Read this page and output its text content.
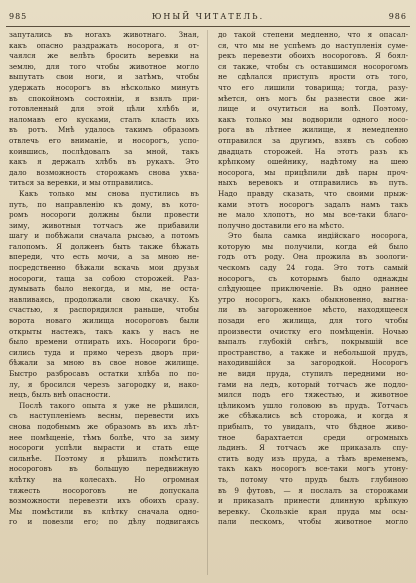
985	ЮНЫЙ ЧИТАТЕЛЬ.	986
запутались въ ногахъ животнаго. Зная,
какъ опасно раздражать носорога, я от-
чаялся же велѣть бросить веревки на
землю, для того чтобы животное могло
выпутать свои ноги, и затѣмъ, чтобы
удержать носорогъ въ нѣсколько минутъ
въ спокойномъ состояніи, я взялъ при-
готовленный для этой цѣли хлѣбъ и,
наломавъ его кусками, сталъ класть ихъ
въ ротъ. Мнѣ удалось такимъ образомъ
отвлечь его вниманіе, и носорогъ, успо-
коившись, послѣдовалъ за мной, такъ
какъ я держалъ хлѣбъ въ рукахъ. Это
дало возможность сторожамъ снова ухва-
титься за веревки, и мы отправились.
Какъ только мы снова пустились въ
путь, по направленію къ дому, въ кото-
ромъ носороги должны были провести
зиму, животныя тотчасъ же прибавили
шагу и побѣжали сначала рысью, а потомъ
галопомъ. Я долженъ быть также бѣжать
впереди, что есть мочи, а за мною не-
посредственно бѣжали вскачь мои друзья
носороги, таща за собою сторожей. Раз-
думывать было некогда, и мы, не оста-
навливаясь, продолжали свою скачку. Къ
счастью, я распорядился раньше, чтобы
ворота новаго жилища носороговъ были
открыты настежъ, такъ какъ у насъ не
было времени отпирать ихъ. Носороги бро-
сились туда и прямо черезъ дворъ при-
бѣжали за мною въ свое новое жилище.
Быстро разбросавъ остатки хлѣба по по-
лу, я бросился черезъ загородку и, нако-
нецъ, былъ внѣ опасности.
Послѣ такого опыта я уже не рѣшился,
съ наступленіемъ весны, перевести ихъ
снова подобнымъ же образомъ въ ихъ лѣт-
нее помѣщеніе, тѣмъ болѣе, что за зиму
носороги успѣли вырасти и стать еще
сильнѣе. Поэтому я рѣшилъ помѣстить
носороговъ въ большую передвижную
клѣтку на колесахъ. Но огромная
тяжесть носороговъ не допускала
возможности перевезти ихъ обоихъ сразу.
Мы помѣстили въ клѣтку сначала одно-
го и повезли его; по дѣлу подвигаясь
до такой степени медленно, что я опасал-
ся, что мы не успѣемъ до наступленія суме-
рекъ перевезти обоихъ носороговъ. Я боял-
ся также, чтобы съ оставшимся носорогомъ
не сдѣлался приступъ ярости отъ того,
что его лишили товарища; тогда, разу-
мѣется, онъ могъ бы разнести свое жи-
лище и очутиться на волѣ. Поэтому,
какъ только мы водворили одного носо-
рога въ лѣтнее жилище, я немедленно
отправился за другимъ, взявъ съ собою
двадцать сторожей. На этотъ разъ къ
крѣпкому ошейнику, надѣтому на шею
носорога, мы прицѣпили двѣ пары проч-
ныхъ веревокъ и отправились въ путь.
Надо правду сказать, что своими прыж-
ками этотъ носорогъ задалъ намъ такъ
не мало хлопотъ, но мы все-таки благо-
получно доставили его на мѣсто.
Это была самка индійскаго носорога,
которую мы получили, когда ей было
годъ отъ роду. Она прожила въ зоологи-
ческомъ саду 24 года. Это тотъ самый
носорогъ, съ которымъ было однажды
слѣдующее приключеніе. Въ одно раннее
утро носорогъ, какъ обыкновенно, выгна-
ли въ загороженное мѣсто, находящееся
позади его жилища, для того чтобы
произвести очистку его помѣщенія. Ночью
выпалъ глубокій снѣгъ, покрывшій все
пространство, а также и небольшой прудъ,
находившійся за загородкой. Носорогъ
не видя пруда, ступилъ передними но-
гами на ледъ, который тотчасъ же подло-
мился подъ его тяжестью, и животное
цѣликомъ ушло головою въ прудъ. Тотчасъ
же сбѣжались всѣ сторожа, и когда я
прибылъ, то увидалъ, что бѣдное живо-
тное барахтается среди огромныхъ
льдинъ. Я тотчасъ же приказалъ спу-
стить воду изъ пруда, а тѣмъ временемъ,
такъ какъ носорогъ все-таки могъ утону-
ть, потому что прудъ былъ глубиною
въ 9 футовъ, — я послалъ за сторожами
и приказалъ принести длинную крѣпкую
веревку. Скользкіе края пруда мы осы-
пали пескомъ, чтобы животное могло
